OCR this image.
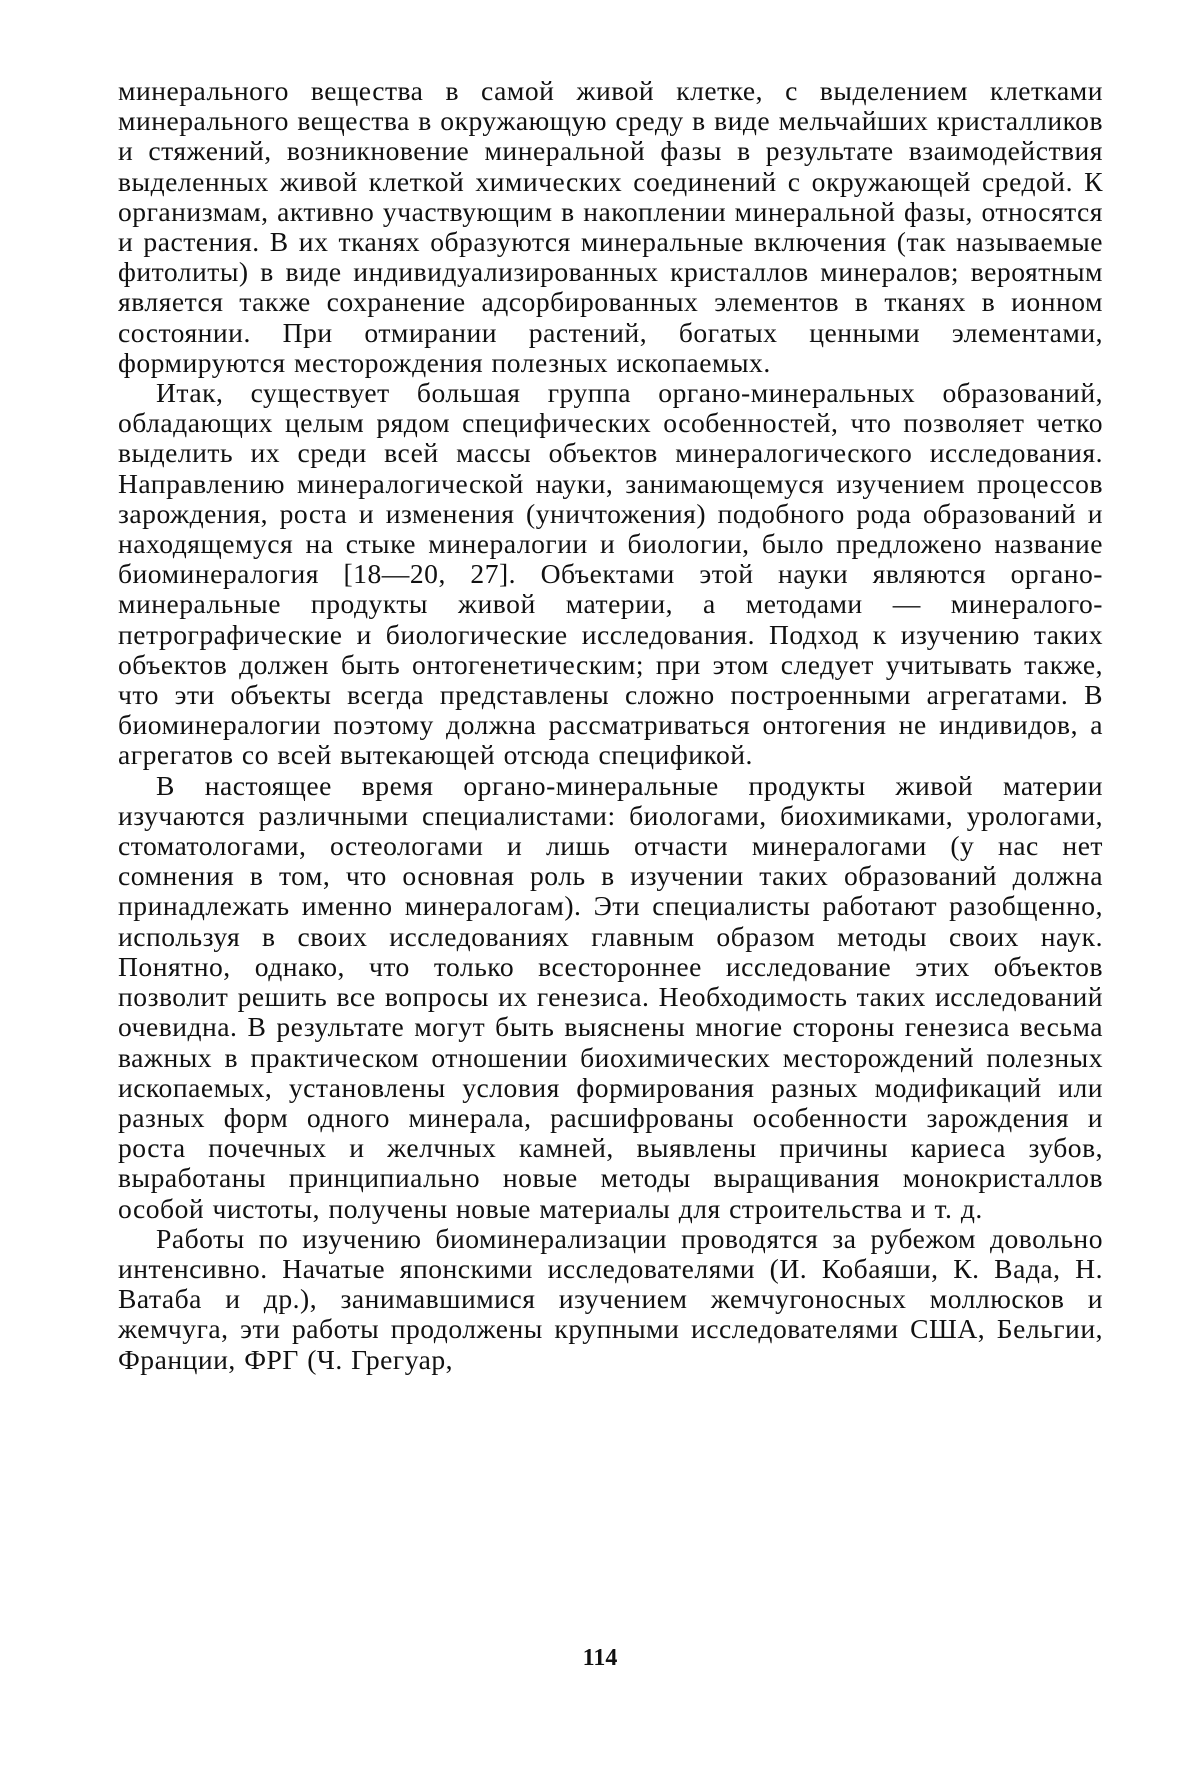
минерального вещества в самой живой клетке, с выделением клетками минерального вещества в окружающую среду в виде мельчайших кристалликов и стяжений, возникновение минеральной фазы в результате взаимодействия выделенных живой клеткой химических соединений с окружающей средой. К организмам, активно участвующим в накоплении минеральной фазы, относятся и растения. В их тканях образуются минеральные включения (так называемые фитолиты) в виде индивидуализированных кристаллов минералов; вероятным является также сохранение адсорбированных элементов в тканях в ионном состоянии. При отмирании растений, богатых ценными элементами, формируются месторождения полезных ископаемых.

Итак, существует большая группа органо-минеральных образований, обладающих целым рядом специфических особенностей, что позволяет четко выделить их среди всей массы объектов минералогического исследования. Направлению минералогической науки, занимающемуся изучением процессов зарождения, роста и изменения (уничтожения) подобного рода образований и находящемуся на стыке минералогии и биологии, было предложено название биоминералогия [18—20, 27]. Объектами этой науки являются органо-минеральные продукты живой материи, а методами — минералого-петрографические и биологические исследования. Подход к изучению таких объектов должен быть онтогенетическим; при этом следует учитывать также, что эти объекты всегда представлены сложно построенными агрегатами. В биоминералогии поэтому должна рассматриваться онтогения не индивидов, а агрегатов со всей вытекающей отсюда спецификой.

В настоящее время органо-минеральные продукты живой материи изучаются различными специалистами: биологами, биохимиками, урологами, стоматологами, остеологами и лишь отчасти минералогами (у нас нет сомнения в том, что основная роль в изучении таких образований должна принадлежать именно минералогам). Эти специалисты работают разобщенно, используя в своих исследованиях главным образом методы своих наук. Понятно, однако, что только всестороннее исследование этих объектов позволит решить все вопросы их генезиса. Необходимость таких исследований очевидна. В результате могут быть выяснены многие стороны генезиса весьма важных в практическом отношении биохимических месторождений полезных ископаемых, установлены условия формирования разных модификаций или разных форм одного минерала, расшифрованы особенности зарождения и роста почечных и желчных камней, выявлены причины кариеса зубов, выработаны принципиально новые методы выращивания монокристаллов особой чистоты, получены новые материалы для строительства и т. д.

Работы по изучению биоминерализации проводятся за рубежом довольно интенсивно. Начатые японскими исследователями (И. Кобаяши, К. Вада, Н. Ватаба и др.), занимавшимися изучением жемчугоносных моллюсков и жемчуга, эти работы продолжены крупными исследователями США, Бельгии, Франции, ФРГ (Ч. Грегуар,

114
